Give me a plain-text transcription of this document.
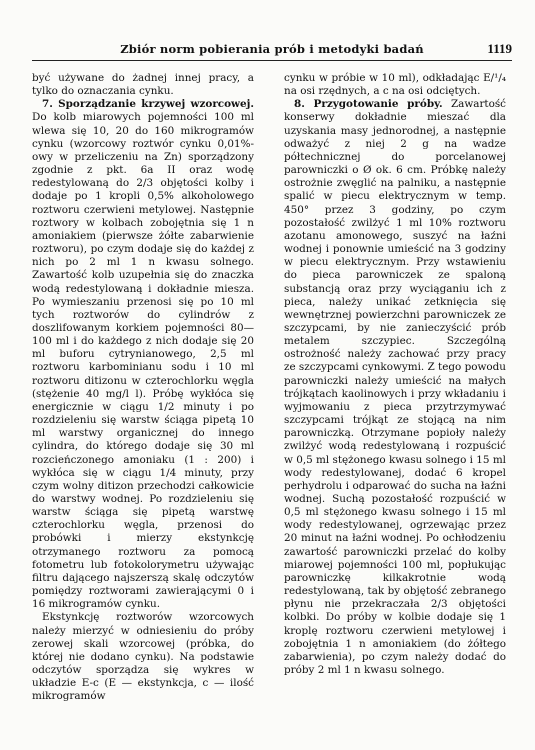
Zbiór norm pobierania prób i metodyki badań	1119

być używane do żadnej innej pracy, a tylko do oznaczania cynku.

7. Sporządzanie krzywej wzorcowej. Do kolb miarowych pojemności 100 ml wlewa się 10, 20 do 160 mikrogramów cynku (wzorcowy roztwór cynku 0,01%-owy w przeliczeniu na Zn) sporządzony zgodnie z pkt. 6a II oraz wodę redestylowaną do 2/3 objętości kolby i dodaje po 1 kropli 0,5% alkoholowego roztworu czerwieni metylowej. Następnie roztwory w kolbach zobojętnia się 1 n amoniakiem (pierwsze żółte zabarwienie roztworu), po czym dodaje się do każdej z nich po 2 ml 1 n kwasu solnego. Zawartość kolb uzupełnia się do znaczka wodą redestylowaną i dokładnie miesza. Po wymieszaniu przenosi się po 10 ml tych roztworów do cylindrów z doszlifowanym korkiem pojemności 80—100 ml i do każdego z nich dodaje się 20 ml buforu cytrynianowego, 2,5 ml roztworu karbominianu sodu i 10 ml roztworu ditizonu w czterochlorku węgla (stężenie 40 mg/l l). Próbę wykłóca się energicznie w ciągu 1/2 minuty i po rozdzieleniu się warstw ściąga pipetą 10 ml warstwy organicznej do innego cylindra, do którego dodaje się 30 ml rozcieńczonego amoniaku (1 : 200) i wykłóca się w ciągu 1/4 minuty, przy czym wolny ditizon przechodzi całkowicie do warstwy wodnej. Po rozdzieleniu się warstw ściąga się pipetą warstwę czterochlorku węgla, przenosi do probówki i mierzy ekstynkcję otrzymanego roztworu za pomocą fotometru lub fotokolorymetru używając filtru dającego najszerszą skalę odczytów pomiędzy roztworami zawierającymi 0 i 16 mikrogramów cynku.

Ekstynkcję roztworów wzorcowych należy mierzyć w odniesieniu do próby zerowej skali wzorcowej (próbka, do której nie dodano cynku). Na podstawie odczytów sporządza się wykres w układzie E-c (E — ekstynkcja, c — ilość mikrogramów

cynku w próbie w 10 ml), odkładając E/¹/₄ na osi rzędnych, a c na osi odciętych.

8. Przygotowanie próby. Zawartość konserwy dokładnie mieszać dla uzyskania masy jednorodnej, a następnie odważyć z niej 2 g na wadze półtechnicznej do porcelanowej parowniczki o Ø ok. 6 cm. Próbkę należy ostrożnie zwęglić na palniku, a następnie spalić w piecu elektrycznym w temp. 450° przez 3 godziny, po czym pozostałość zwilżyć 1 ml 10% roztworu azotanu amonowego, suszyć na łaźni wodnej i ponownie umieścić na 3 godziny w piecu elektrycznym. Przy wstawieniu do pieca parowniczek ze spaloną substancją oraz przy wyciąganiu ich z pieca, należy unikać zetknięcia się wewnętrznej powierzchni parowniczek ze szczypcami, by nie zanieczyścić prób metalem szczypiec. Szczególną ostrożność należy zachować przy pracy ze szczypcami cynkowymi. Z tego powodu parowniczki należy umieścić na małych trójkątach kaolinowych i przy wkładaniu i wyjmowaniu z pieca przytrzymywać szczypcami trójkąt ze stojącą na nim parowniczką. Otrzymane popioły należy zwilżyć wodą redestylowaną i rozpuścić w 0,5 ml stężonego kwasu solnego i 15 ml wody redestylowanej, dodać 6 kropel perhydrolu i odparować do sucha na łaźni wodnej. Suchą pozostałość rozpuścić w 0,5 ml stężonego kwasu solnego i 15 ml wody redestylowanej, ogrzewając przez 20 minut na łaźni wodnej. Po ochłodzeniu zawartość parowniczki przelać do kolby miarowej pojemności 100 ml, popłukując parowniczkę kilkakrotnie wodą redestylowaną, tak by objętość zebranego płynu nie przekraczała 2/3 objętości kolbki. Do próby w kolbie dodaje się 1 kroplę roztworu czerwieni metylowej i zobojętnia 1 n amoniakiem (do żółtego zabarwienia), po czym należy dodać do próby 2 ml 1 n kwasu solnego.
